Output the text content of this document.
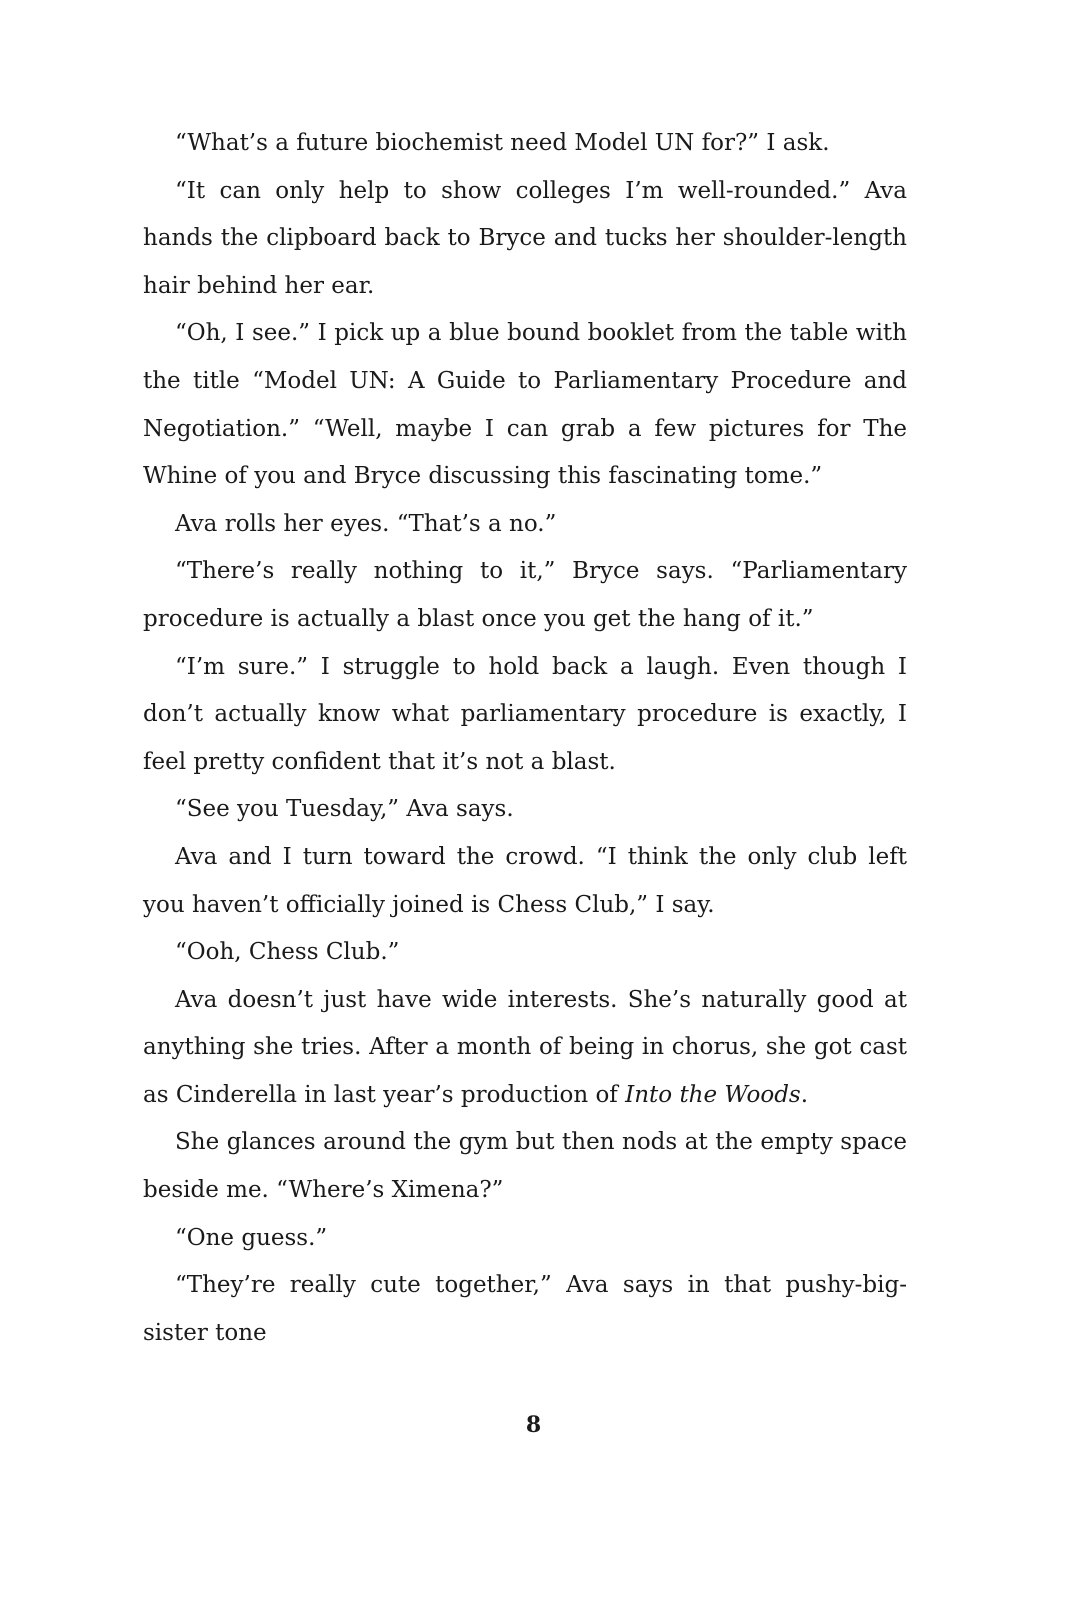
“What’s a future biochemist need Model UN for?” I ask.

“It can only help to show colleges I’m well-rounded.” Ava hands the clipboard back to Bryce and tucks her shoulder-length hair behind her ear.

“Oh, I see.” I pick up a blue bound booklet from the table with the title “Model UN: A Guide to Parliamentary Procedure and Negotiation.” “Well, maybe I can grab a few pictures for The Whine of you and Bryce discussing this fascinating tome.”

Ava rolls her eyes. “That’s a no.”

“There’s really nothing to it,” Bryce says. “Parliamentary procedure is actually a blast once you get the hang of it.”

“I’m sure.” I struggle to hold back a laugh. Even though I don’t actually know what parliamentary procedure is exactly, I feel pretty confident that it’s not a blast.

“See you Tuesday,” Ava says.

Ava and I turn toward the crowd. “I think the only club left you haven’t officially joined is Chess Club,” I say.

“Ooh, Chess Club.”

Ava doesn’t just have wide interests. She’s naturally good at anything she tries. After a month of being in chorus, she got cast as Cinderella in last year’s production of Into the Woods.

She glances around the gym but then nods at the empty space beside me. “Where’s Ximena?”

“One guess.”

“They’re really cute together,” Ava says in that pushy-big-sister tone

8
